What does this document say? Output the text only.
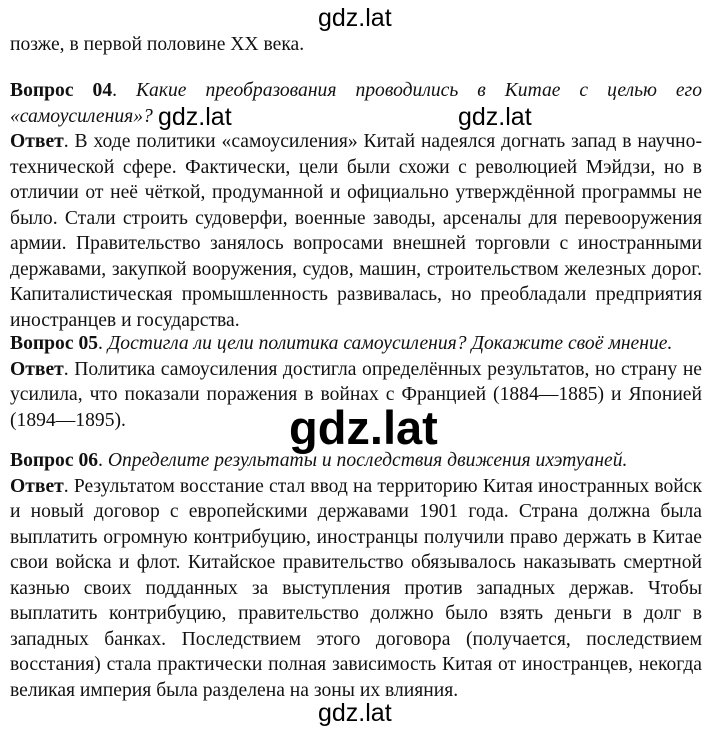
позже, в первой половине XX века.
Вопрос 04. Какие преобразования проводились в Китае с целью его «самоусиления»?
Ответ. В ходе политики «самоусиления» Китай надеялся догнать запад в научно-технической сфере. Фактически, цели были схожи с революцией Мэйдзи, но в отличии от неё чёткой, продуманной и официально утверждённой программы не было. Стали строить судоверфи, военные заводы, арсеналы для перевооружения армии. Правительство занялось вопросами внешней торговли с иностранными державами, закупкой вооружения, судов, машин, строительством железных дорог. Капиталистическая промышленность развивалась, но преобладали предприятия иностранцев и государства.
Вопрос 05. Достигла ли цели политика самоусиления? Докажите своё мнение.
Ответ. Политика самоусиления достигла определённых результатов, но страну не усилила, что показали поражения в войнах с Францией (1884—1885) и Японией (1894—1895).
Вопрос 06. Определите результаты и последствия движения ихэтуаней.
Ответ. Результатом восстание стал ввод на территорию Китая иностранных войск и новый договор с европейскими державами 1901 года. Страна должна была выплатить огромную контрибуцию, иностранцы получили право держать в Китае свои войска и флот. Китайское правительство обязывалось наказывать смертной казнью своих подданных за выступления против западных держав. Чтобы выплатить контрибуцию, правительство должно было взять деньги в долг в западных банках. Последствием этого договора (получается, последствием восстания) стала практически полная зависимость Китая от иностранцев, некогда великая империя была разделена на зоны их влияния.
gdz.lat
gdz.lat	gdz.lat
gdz.lat
gdz.lat
